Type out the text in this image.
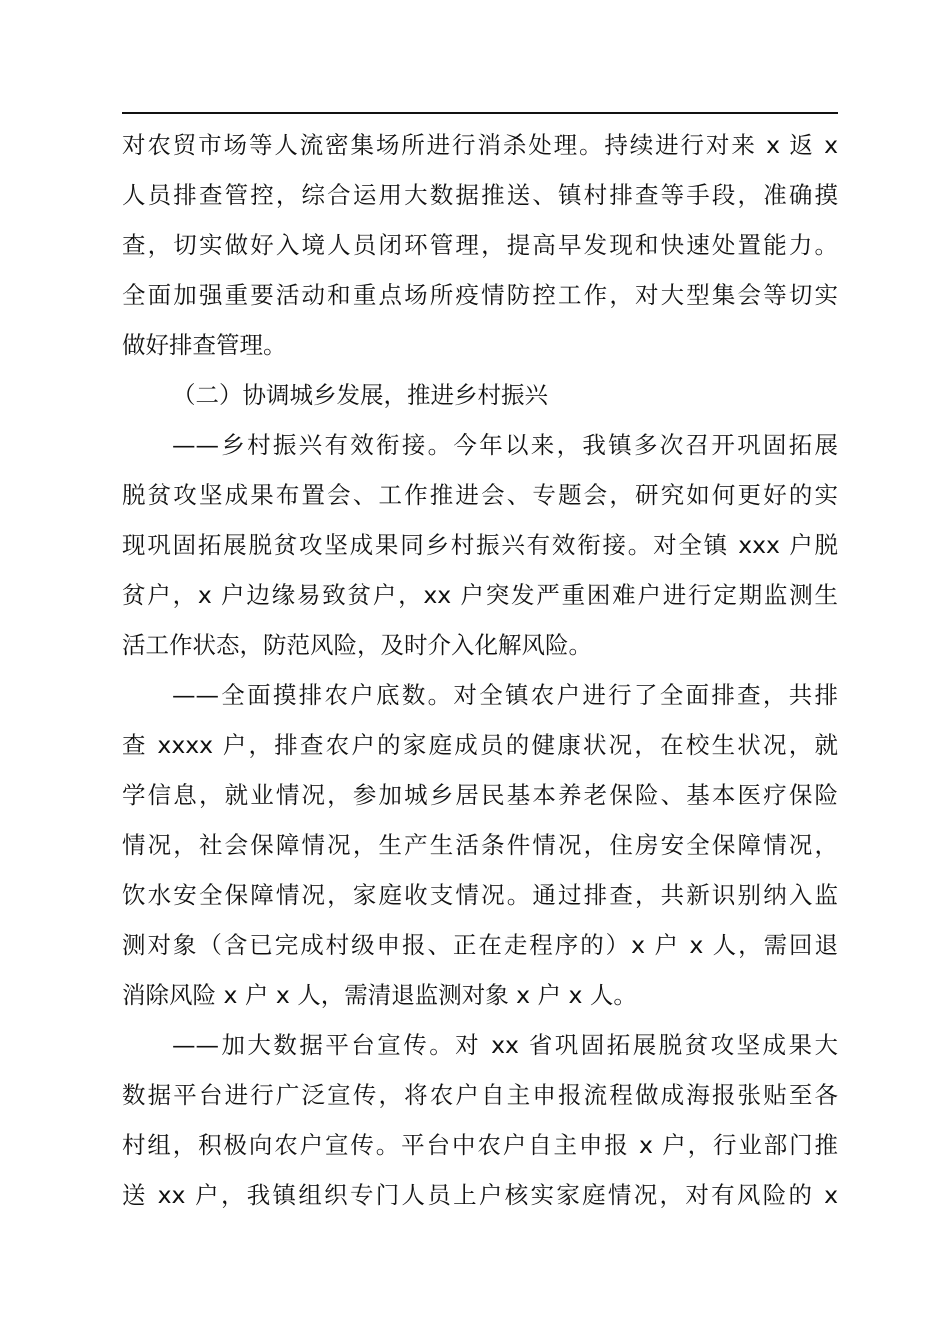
对农贸市场等人流密集场所进行消杀处理。持续进行对来 x 返 x
人员排查管控，综合运用大数据推送、镇村排查等手段，准确摸
查，切实做好入境人员闭环管理，提高早发现和快速处置能力。
全面加强重要活动和重点场所疫情防控工作，对大型集会等切实
做好排查管理。
（二）协调城乡发展，推进乡村振兴
——乡村振兴有效衔接。今年以来，我镇多次召开巩固拓展
脱贫攻坚成果布置会、工作推进会、专题会，研究如何更好的实
现巩固拓展脱贫攻坚成果同乡村振兴有效衔接。对全镇 xxx 户脱
贫户，x 户边缘易致贫户，xx 户突发严重困难户进行定期监测生
活工作状态，防范风险，及时介入化解风险。
——全面摸排农户底数。对全镇农户进行了全面排查，共排
查 xxxx 户，排查农户的家庭成员的健康状况，在校生状况，就
学信息，就业情况，参加城乡居民基本养老保险、基本医疗保险
情况，社会保障情况，生产生活条件情况，住房安全保障情况，
饮水安全保障情况，家庭收支情况。通过排查，共新识别纳入监
测对象（含已完成村级申报、正在走程序的）x 户 x 人，需回退
消除风险 x 户 x 人，需清退监测对象 x 户 x 人。
——加大数据平台宣传。对 xx 省巩固拓展脱贫攻坚成果大
数据平台进行广泛宣传，将农户自主申报流程做成海报张贴至各
村组，积极向农户宣传。平台中农户自主申报 x 户，行业部门推
送 xx 户，我镇组织专门人员上户核实家庭情况，对有风险的 x
